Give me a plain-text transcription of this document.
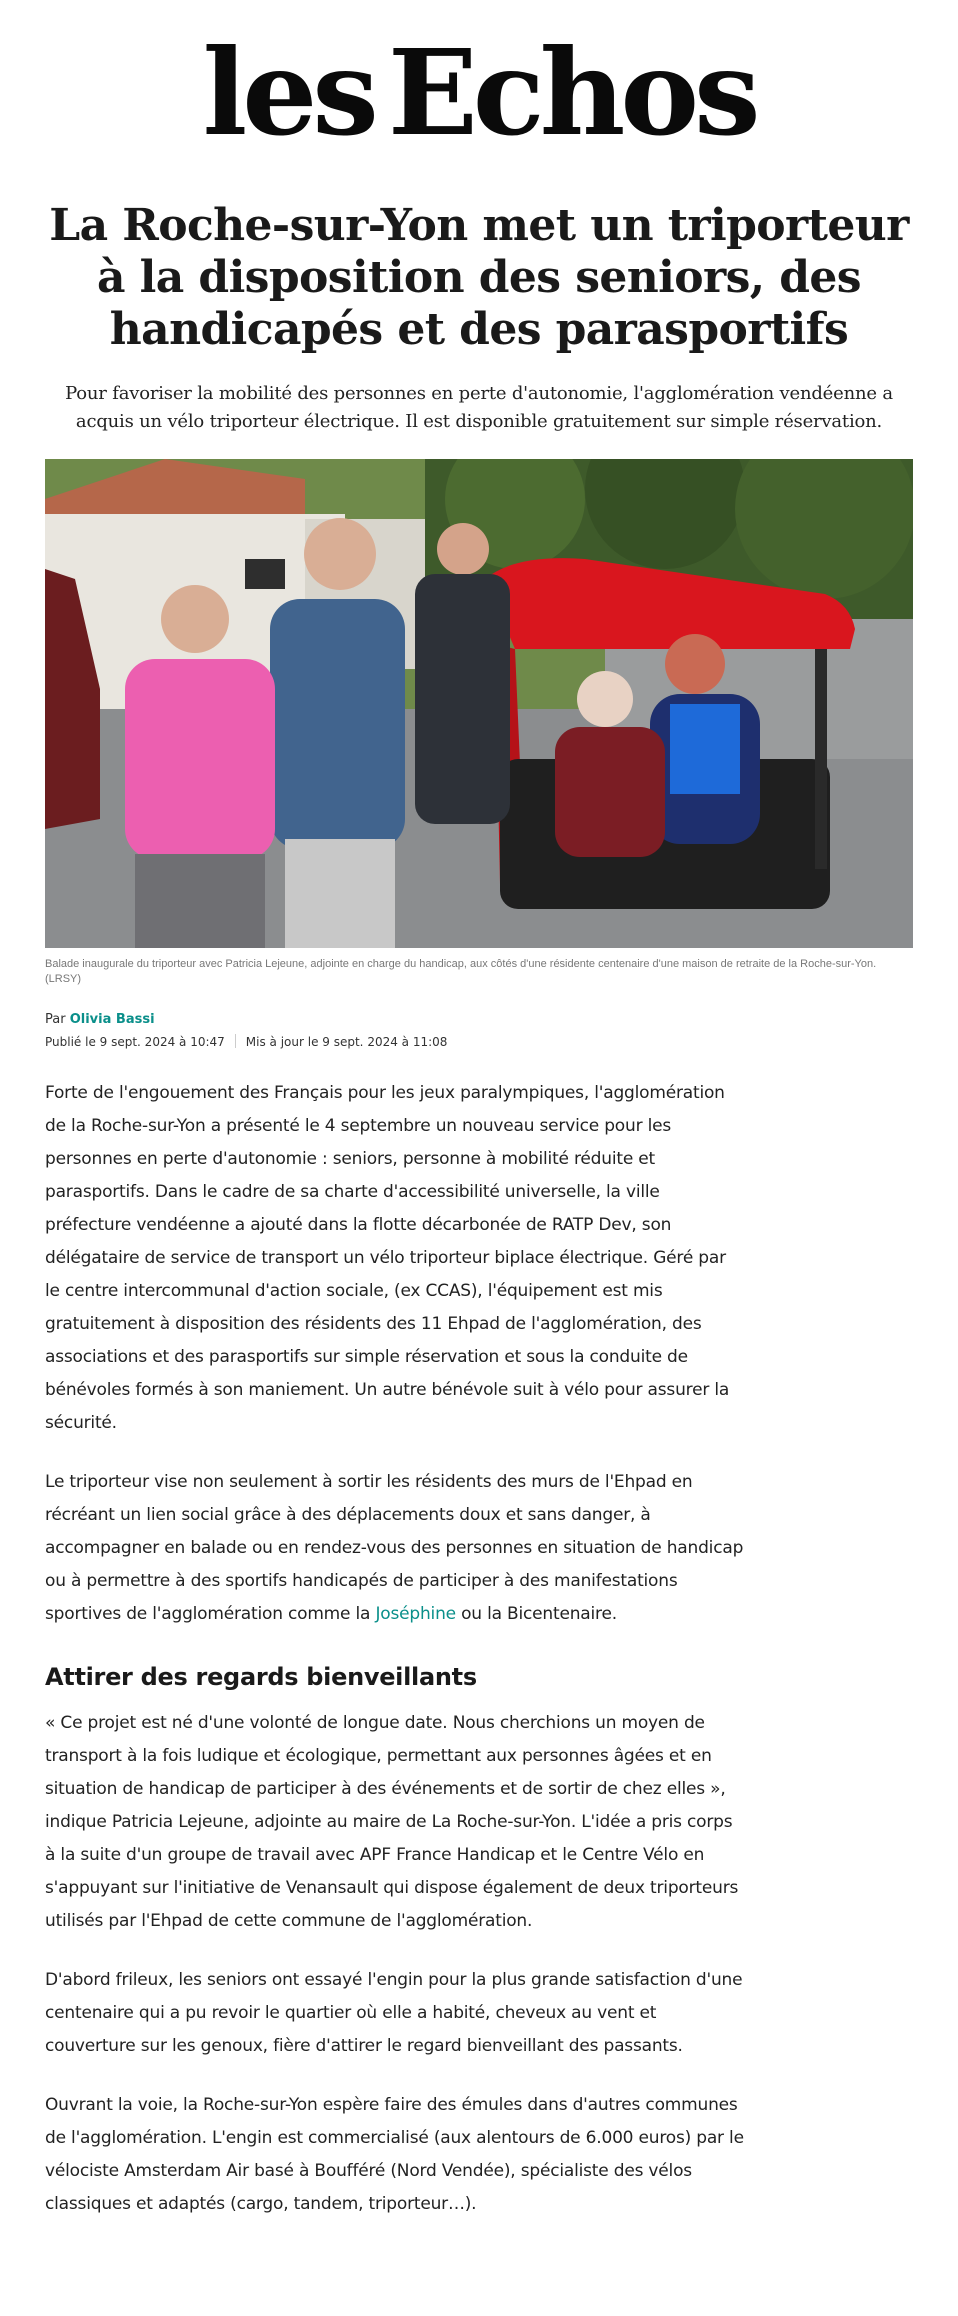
les Echos
La Roche-sur-Yon met un triporteur à la disposition des seniors, des handicapés et des parasportifs

Pour favoriser la mobilité des personnes en perte d'autonomie, l'agglomération vendéenne a acquis un vélo triporteur électrique. Il est disponible gratuitement sur simple réservation.

Balade inaugurale du triporteur avec Patricia Lejeune, adjointe en charge du handicap, aux côtés d'une résidente centenaire d'une maison de retraite de la Roche-sur-Yon. (LRSY)

Par Olivia Bassi
Publié le 9 sept. 2024 à 10:47 Mis à jour le 9 sept. 2024 à 11:08

Forte de l'engouement des Français pour les jeux paralympiques, l'agglomération de la Roche-sur-Yon a présenté le 4 septembre un nouveau service pour les personnes en perte d'autonomie : seniors, personne à mobilité réduite et parasportifs. Dans le cadre de sa charte d'accessibilité universelle, la ville préfecture vendéenne a ajouté dans la flotte décarbonée de RATP Dev, son délégataire de service de transport un vélo triporteur biplace électrique. Géré par le centre intercommunal d'action sociale, (ex CCAS), l'équipement est mis gratuitement à disposition des résidents des 11 Ehpad de l'agglomération, des associations et des parasportifs sur simple réservation et sous la conduite de bénévoles formés à son maniement. Un autre bénévole suit à vélo pour assurer la sécurité.

Le triporteur vise non seulement à sortir les résidents des murs de l'Ehpad en récréant un lien social grâce à des déplacements doux et sans danger, à accompagner en balade ou en rendez-vous des personnes en situation de handicap ou à permettre à des sportifs handicapés de participer à des manifestations sportives de l'agglomération comme la Joséphine ou la Bicentenaire.

Attirer des regards bienveillants

« Ce projet est né d'une volonté de longue date. Nous cherchions un moyen de transport à la fois ludique et écologique, permettant aux personnes âgées et en situation de handicap de participer à des événements et de sortir de chez elles », indique Patricia Lejeune, adjointe au maire de La Roche-sur-Yon. L'idée a pris corps à la suite d'un groupe de travail avec APF France Handicap et le Centre Vélo en s'appuyant sur l'initiative de Venansault qui dispose également de deux triporteurs utilisés par l'Ehpad de cette commune de l'agglomération.

D'abord frileux, les seniors ont essayé l'engin pour la plus grande satisfaction d'une centenaire qui a pu revoir le quartier où elle a habité, cheveux au vent et couverture sur les genoux, fière d'attirer le regard bienveillant des passants.

Ouvrant la voie, la Roche-sur-Yon espère faire des émules dans d'autres communes de l'agglomération. L'engin est commercialisé (aux alentours de 6.000 euros) par le vélociste Amsterdam Air basé à Boufféré (Nord Vendée), spécialiste des vélos classiques et adaptés (cargo, tandem, triporteur…).
